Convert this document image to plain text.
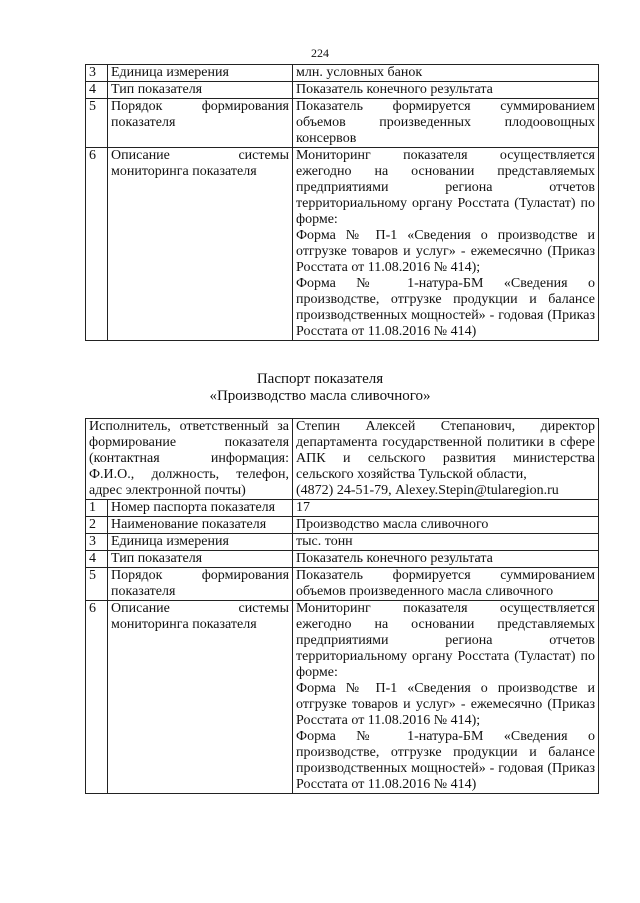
224
3	Единица измерения	млн. условных банок
4	Тип показателя	Показатель конечного результата
5	Порядок формирования показателя	Показатель формируется суммированием объемов произведенных плодоовощных консервов
6	Описание системы мониторинга показателя	Мониторинг показателя осуществляется ежегодно на основании представляемых предприятиями региона отчетов территориальному органу Росстата (Туластат) по форме:
Форма № П-1 «Сведения о производстве и отгрузке товаров и услуг» - ежемесячно (Приказ Росстата от 11.08.2016 № 414);
Форма № 1-натура-БМ «Сведения о производстве, отгрузке продукции и балансе производственных мощностей» - годовая (Приказ Росстата от 11.08.2016 № 414)
Паспорт показателя
«Производство масла сливочного»
Исполнитель, ответственный за формирование показателя (контактная информация: Ф.И.О., должность, телефон, адрес электронной почты)		Степин Алексей Степанович, директор департамента государственной политики в сфере АПК и сельского развития министерства сельского хозяйства Тульской области,
(4872) 24-51-79, Alexey.Stepin@tularegion.ru
1	Номер паспорта показателя	17
2	Наименование показателя	Производство масла сливочного
3	Единица измерения	тыс. тонн
4	Тип показателя	Показатель конечного результата
5	Порядок формирования показателя	Показатель формируется суммированием объемов произведенного масла сливочного
6	Описание системы мониторинга показателя	Мониторинг показателя осуществляется ежегодно на основании представляемых предприятиями региона отчетов территориальному органу Росстата (Туластат) по форме:
Форма № П-1 «Сведения о производстве и отгрузке товаров и услуг» - ежемесячно (Приказ Росстата от 11.08.2016 № 414);
Форма № 1-натура-БМ «Сведения о производстве, отгрузке продукции и балансе производственных мощностей» - годовая (Приказ Росстата от 11.08.2016 № 414)
